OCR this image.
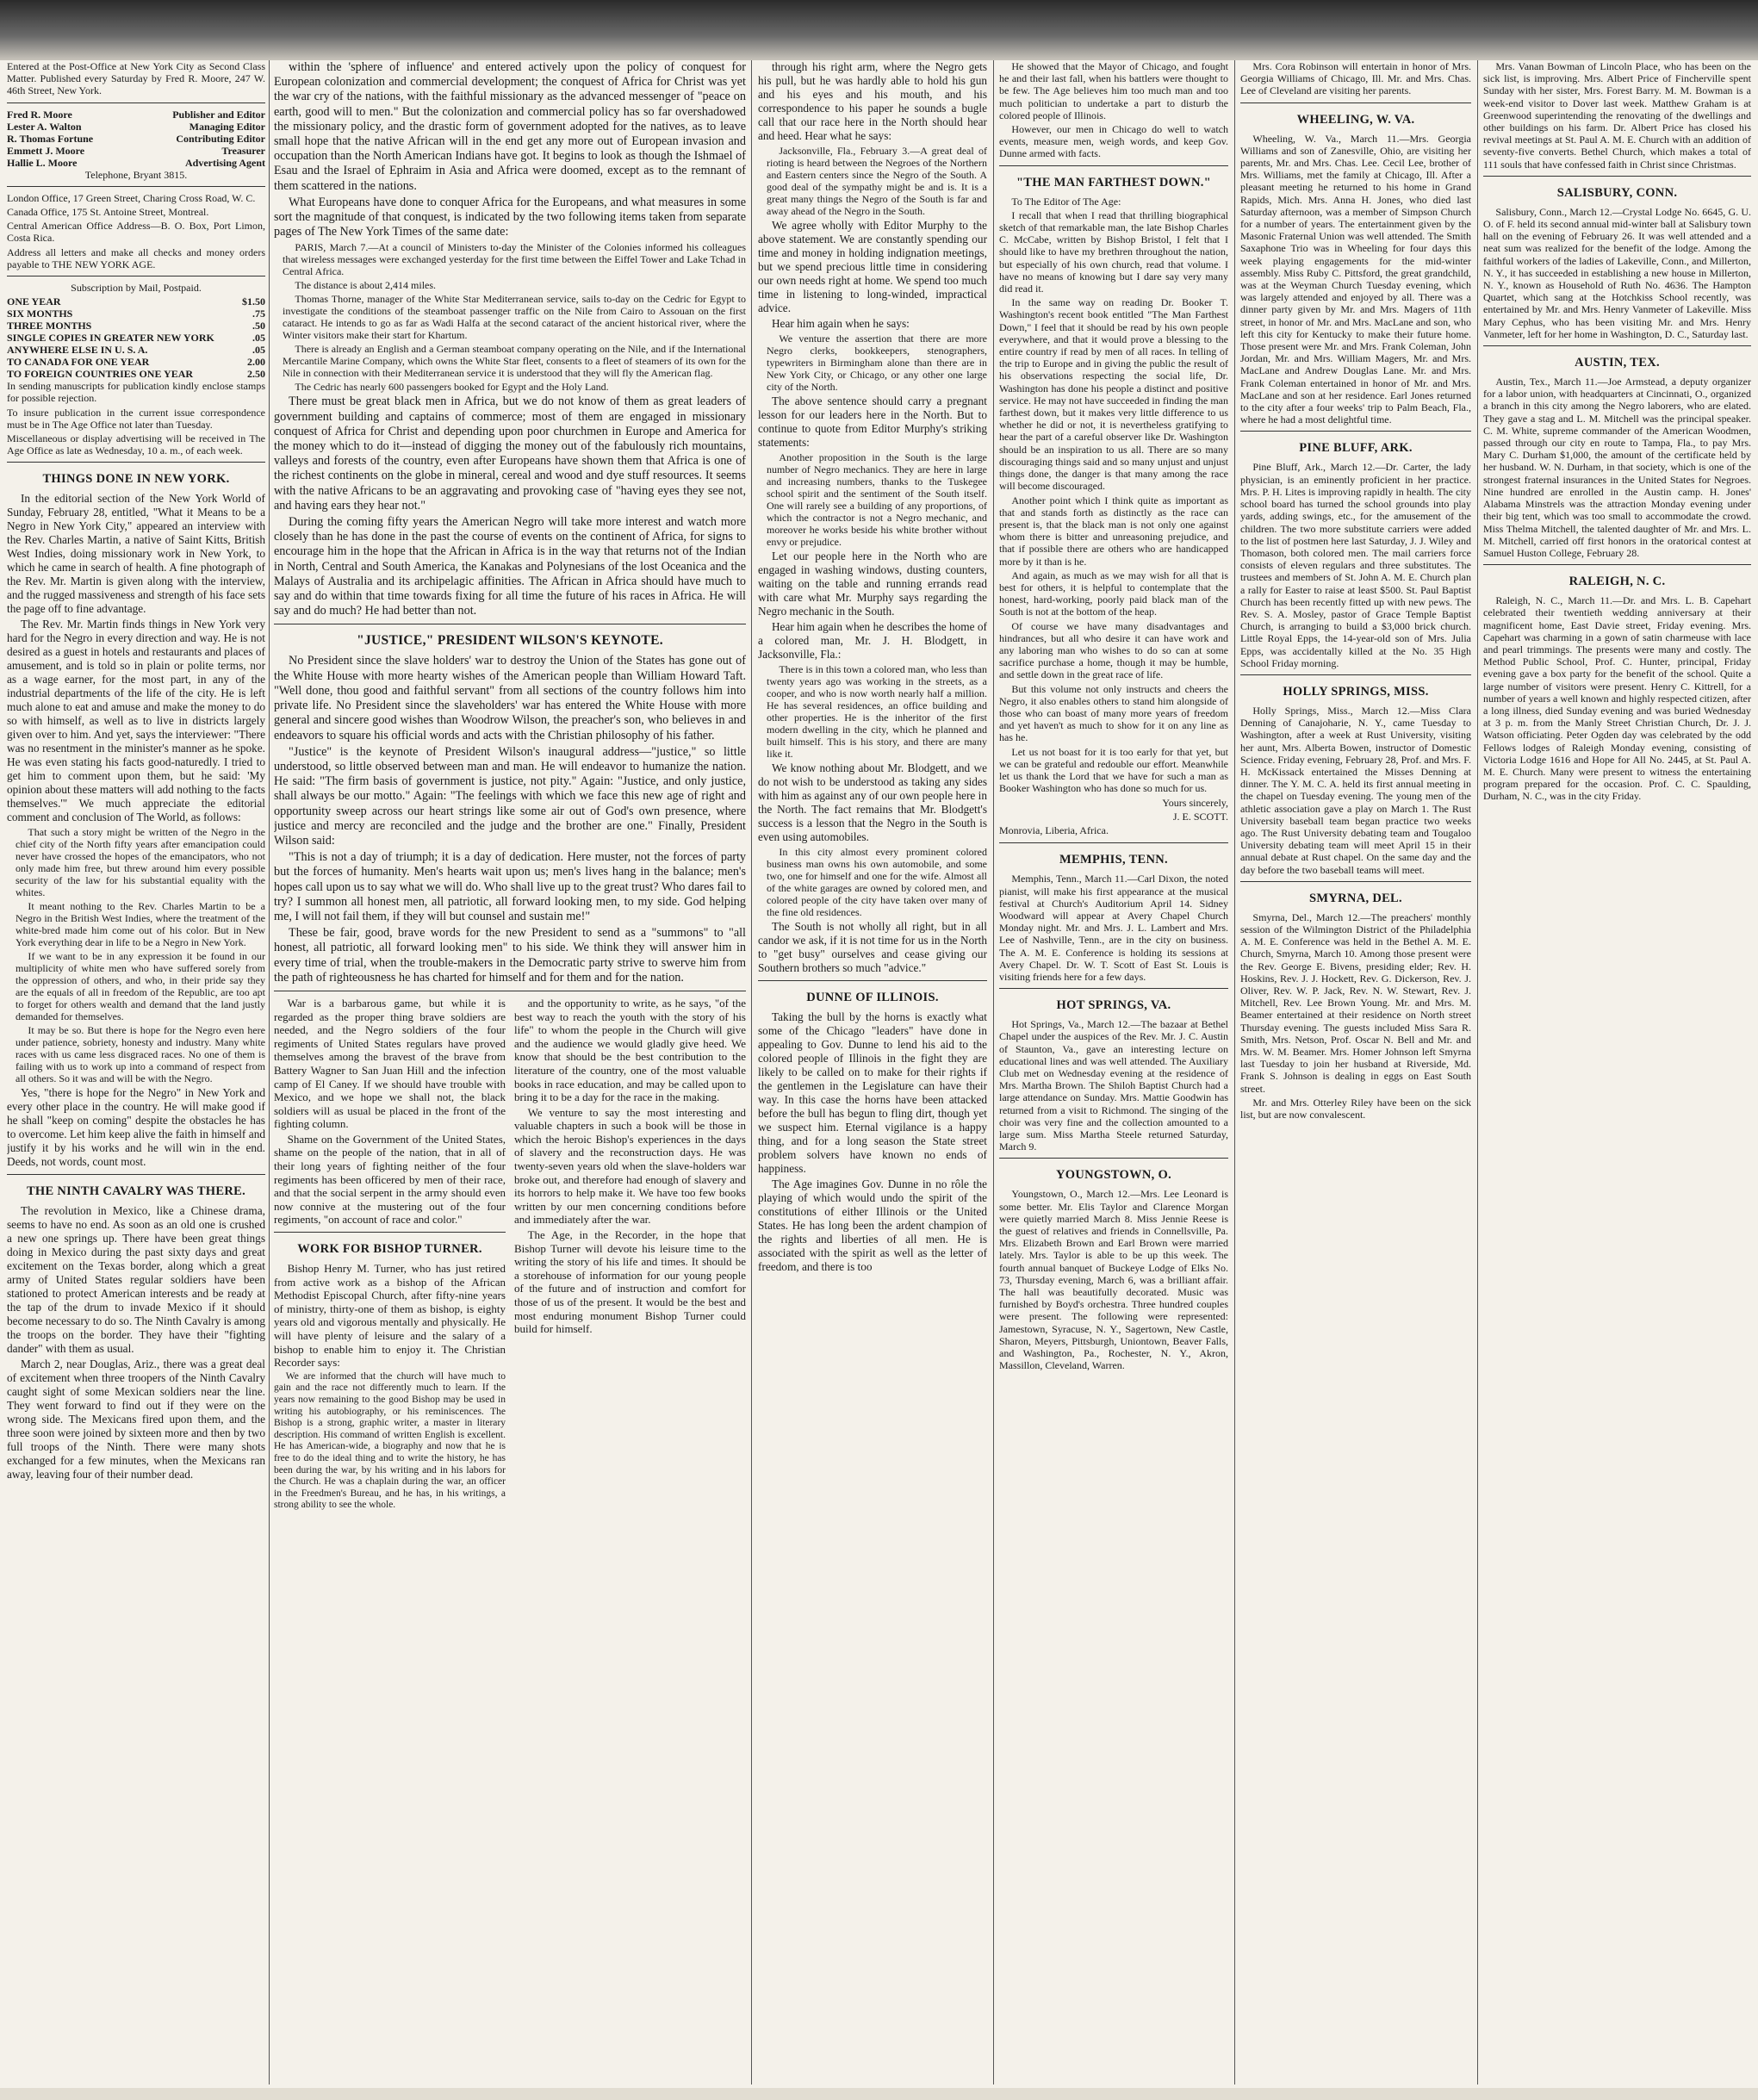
Entered at the Post-Office at New York City as Second Class Matter. Published every Saturday by Fred R. Moore, 247 W. 46th Street, New York.

Fred R. Moore	Publisher and Editor
Lester A. Walton	Managing Editor
R. Thomas Fortune	Contributing Editor
Emmett J. Moore	Treasurer
Hallie L. Moore	Advertising Agent

Telephone, Bryant 3815.

London Office, 17 Green Street, Charing Cross Road, W. C.

Canada Office, 175 St. Antoine Street, Montreal.

Central American Office Address—B. O. Box, Port Limon, Costa Rica.

Address all letters and make all checks and money orders payable to THE NEW YORK AGE.

Subscription by Mail, Postpaid.

ONE YEAR	$1.50
SIX MONTHS	.75
THREE MONTHS	.50
SINGLE COPIES IN GREATER NEW YORK	.05
ANYWHERE ELSE IN U. S. A.	.05
TO CANADA FOR ONE YEAR	2.00
TO FOREIGN COUNTRIES ONE YEAR	2.50

In sending manuscripts for publication kindly enclose stamps for possible rejection.

To insure publication in the current issue correspondence must be in The Age Office not later than Tuesday.

Miscellaneous or display advertising will be received in The Age Office as late as Wednesday, 10 a. m., of each week.

THINGS DONE IN NEW YORK.

In the editorial section of the New York World of Sunday, February 28, entitled, "What it Means to be a Negro in New York City," appeared an interview with the Rev. Charles Martin, a native of Saint Kitts, British West Indies, doing missionary work in New York, to which he came in search of health. A fine photograph of the Rev. Mr. Martin is given along with the interview, and the rugged massiveness and strength of his face sets the page off to fine advantage.

The Rev. Mr. Martin finds things in New York very hard for the Negro in every direction and way. He is not desired as a guest in hotels and restaurants and places of amusement, and is told so in plain or polite terms, nor as a wage earner, for the most part, in any of the industrial departments of the life of the city. He is left much alone to eat and amuse and make the money to do so with himself, as well as to live in districts largely given over to him. And yet, says the interviewer: "There was no resentment in the minister's manner as he spoke. He was even stating his facts good-naturedly. I tried to get him to comment upon them, but he said: 'My opinion about these matters will add nothing to the facts themselves.'" We much appreciate the editorial comment and conclusion of The World, as follows:

That such a story might be written of the Negro in the chief city of the North fifty years after emancipation could never have crossed the hopes of the emancipators, who not only made him free, but threw around him every possible security of the law for his substantial equality with the whites.

It meant nothing to the Rev. Charles Martin to be a Negro in the British West Indies, where the treatment of the white-bred made him come out of his color. But in New York everything dear in life to be a Negro in New York.

If we want to be in any expression it be found in our multiplicity of white men who have suffered sorely from the oppression of others, and who, in their pride say they are the equals of all in freedom of the Republic, are too apt to forget for others wealth and demand that the land justly demanded for themselves.

It may be so. But there is hope for the Negro even here under patience, sobriety, honesty and industry. Many white races with us came less disgraced races. No one of them is failing with us to work up into a command of respect from all others. So it was and will be with the Negro.

Yes, "there is hope for the Negro" in New York and every other place in the country. He will make good if he shall "keep on coming" despite the obstacles he has to overcome. Let him keep alive the faith in himself and justify it by his works and he will win in the end. Deeds, not words, count most.

THE NINTH CAVALRY WAS THERE.

The revolution in Mexico, like a Chinese drama, seems to have no end. As soon as an old one is crushed a new one springs up. There have been great things doing in Mexico during the past sixty days and great excitement on the Texas border, along which a great army of United States regular soldiers have been stationed to protect American interests and be ready at the tap of the drum to invade Mexico if it should become necessary to do so. The Ninth Cavalry is among the troops on the border. They have their "fighting dander" with them as usual.

March 2, near Douglas, Ariz., there was a great deal of excitement when three troopers of the Ninth Cavalry caught sight of some Mexican soldiers near the line. They went forward to find out if they were on the wrong side. The Mexicans fired upon them, and the three soon were joined by sixteen more and then by two full troops of the Ninth. There were many shots exchanged for a few minutes, when the Mexicans ran away, leaving four of their number dead.

within the 'sphere of influence' and entered actively upon the policy of conquest for European colonization and commercial development; the conquest of Africa for Christ was yet the war cry of the nations, with the faithful missionary as the advanced messenger of "peace on earth, good will to men." But the colonization and commercial policy has so far overshadowed the missionary policy, and the drastic form of government adopted for the natives, as to leave small hope that the native African will in the end get any more out of European invasion and occupation than the North American Indians have got. It begins to look as though the Ishmael of Esau and the Israel of Ephraim in Asia and Africa were doomed, except as to the remnant of them scattered in the nations.

What Europeans have done to conquer Africa for the Europeans, and what measures in some sort the magnitude of that conquest, is indicated by the two following items taken from separate pages of The New York Times of the same date:

PARIS, March 7.—At a council of Ministers to-day the Minister of the Colonies informed his colleagues that wireless messages were exchanged yesterday for the first time between the Eiffel Tower and Lake Tchad in Central Africa.

The distance is about 2,414 miles.

Thomas Thorne, manager of the White Star Mediterranean service, sails to-day on the Cedric for Egypt to investigate the conditions of the steamboat passenger traffic on the Nile from Cairo to Assouan on the first cataract. He intends to go as far as Wadi Halfa at the second cataract of the ancient historical river, where the Winter visitors make their start for Khartum.

There is already an English and a German steamboat company operating on the Nile, and if the International Mercantile Marine Company, which owns the White Star fleet, consents to a fleet of steamers of its own for the Nile in connection with their Mediterranean service it is understood that they will fly the American flag.

The Cedric has nearly 600 passengers booked for Egypt and the Holy Land.

There must be great black men in Africa, but we do not know of them as great leaders of government building and captains of commerce; most of them are engaged in missionary conquest of Africa for Christ and depending upon poor churchmen in Europe and America for the money which to do it—instead of digging the money out of the fabulously rich mountains, valleys and forests of the country, even after Europeans have shown them that Africa is one of the richest continents on the globe in mineral, cereal and wood and dye stuff resources. It seems with the native Africans to be an aggravating and provoking case of "having eyes they see not, and having ears they hear not."

During the coming fifty years the American Negro will take more interest and watch more closely than he has done in the past the course of events on the continent of Africa, for signs to encourage him in the hope that the African in Africa is in the way that returns not of the Indian in North, Central and South America, the Kanakas and Polynesians of the lost Oceanica and the Malays of Australia and its archipelagic affinities. The African in Africa should have much to say and do within that time towards fixing for all time the future of his races in Africa. He will say and do much? He had better than not.

"JUSTICE," PRESIDENT WILSON'S KEYNOTE.

No President since the slave holders' war to destroy the Union of the States has gone out of the White House with more hearty wishes of the American people than William Howard Taft. "Well done, thou good and faithful servant" from all sections of the country follows him into private life. No President since the slaveholders' war has entered the White House with more general and sincere good wishes than Woodrow Wilson, the preacher's son, who believes in and endeavors to square his official words and acts with the Christian philosophy of his father.

"Justice" is the keynote of President Wilson's inaugural address—"justice," so little understood, so little observed between man and man. He will endeavor to humanize the nation. He said: "The firm basis of government is justice, not pity." Again: "Justice, and only justice, shall always be our motto." Again: "The feelings with which we face this new age of right and opportunity sweep across our heart strings like some air out of God's own presence, where justice and mercy are reconciled and the judge and the brother are one." Finally, President Wilson said:

"This is not a day of triumph; it is a day of dedication. Here muster, not the forces of party but the forces of humanity. Men's hearts wait upon us; men's lives hang in the balance; men's hopes call upon us to say what we will do. Who shall live up to the great trust? Who dares fail to try? I summon all honest men, all patriotic, all forward looking men, to my side. God helping me, I will not fail them, if they will but counsel and sustain me!"

These be fair, good, brave words for the new President to send as a "summons" to "all honest, all patriotic, all forward looking men" to his side. We think they will answer him in every time of trial, when the trouble-makers in the Democratic party strive to swerve him from the path of righteousness he has charted for himself and for them and for the nation.

War is a barbarous game, but while it is regarded as the proper thing brave soldiers are needed, and the Negro soldiers of the four regiments of United States regulars have proved themselves among the bravest of the brave from Battery Wagner to San Juan Hill and the infection camp of El Caney. If we should have trouble with Mexico, and we hope we shall not, the black soldiers will as usual be placed in the front of the fighting column.

Shame on the Government of the United States, shame on the people of the nation, that in all of their long years of fighting neither of the four regiments has been officered by men of their race, and that the social serpent in the army should even now connive at the mustering out of the four regiments, "on account of race and color."

WORK FOR BISHOP TURNER.

Bishop Henry M. Turner, who has just retired from active work as a bishop of the African Methodist Episcopal Church, after fifty-nine years of ministry, thirty-one of them as bishop, is eighty years old and vigorous mentally and physically. He will have plenty of leisure and the salary of a bishop to enable him to enjoy it. The Christian Recorder says:

We are informed that the church will have much to gain and the race not differently much to learn. If the years now remaining to the good Bishop may be used in writing his autobiography, or his reminiscences. The Bishop is a strong, graphic writer, a master in literary description. His command of written English is excellent. He has American-wide, a biography and now that he is free to do the ideal thing and to write the history, he has been during the war, by his writing and in his labors for the Church. He was a chaplain during the war, an officer in the Freedmen's Bureau, and he has, in his writings, a strong ability to see the whole.

and the opportunity to write, as he says, "of the best way to reach the youth with the story of his life" to whom the people in the Church will give and the audience we would gladly give heed. We know that should be the best contribution to the literature of the country, one of the most valuable books in race education, and may be called upon to bring it to be a day for the race in the making.

We venture to say the most interesting and valuable chapters in such a book will be those in which the heroic Bishop's experiences in the days of slavery and the reconstruction days. He was twenty-seven years old when the slave-holders war broke out, and therefore had enough of slavery and its horrors to help make it. We have too few books written by our men concerning conditions before and immediately after the war.

The Age, in the Recorder, in the hope that Bishop Turner will devote his leisure time to the writing the story of his life and times. It should be a storehouse of information for our young people of the future and of instruction and comfort for those of us of the present. It would be the best and most enduring monument Bishop Turner could build for himself.

through his right arm, where the Negro gets his pull, but he was hardly able to hold his gun and his eyes and his mouth, and his correspondence to his paper he sounds a bugle call that our race here in the North should hear and heed. Hear what he says:

Jacksonville, Fla., February 3.—A great deal of rioting is heard between the Negroes of the Northern and Eastern centers since the Negro of the South. A good deal of the sympathy might be and is. It is a great many things the Negro of the South is far and away ahead of the Negro in the South.

We agree wholly with Editor Murphy to the above statement. We are constantly spending our time and money in holding indignation meetings, but we spend precious little time in considering our own needs right at home. We spend too much time in listening to long-winded, impractical advice.

Hear him again when he says:

We venture the assertion that there are more Negro clerks, bookkeepers, stenographers, typewriters in Birmingham alone than there are in New York City, or Chicago, or any other one large city of the North.

The above sentence should carry a pregnant lesson for our leaders here in the North. But to continue to quote from Editor Murphy's striking statements:

Another proposition in the South is the large number of Negro mechanics. They are here in large and increasing numbers, thanks to the Tuskegee school spirit and the sentiment of the South itself. One will rarely see a building of any proportions, of which the contractor is not a Negro mechanic, and moreover he works beside his white brother without envy or prejudice.

Let our people here in the North who are engaged in washing windows, dusting counters, waiting on the table and running errands read with care what Mr. Murphy says regarding the Negro mechanic in the South.

Hear him again when he describes the home of a colored man, Mr. J. H. Blodgett, in Jacksonville, Fla.:

There is in this town a colored man, who less than twenty years ago was working in the streets, as a cooper, and who is now worth nearly half a million. He has several residences, an office building and other properties. He is the inheritor of the first modern dwelling in the city, which he planned and built himself. This is his story, and there are many like it.

We know nothing about Mr. Blodgett, and we do not wish to be understood as taking any sides with him as against any of our own people here in the North. The fact remains that Mr. Blodgett's success is a lesson that the Negro in the South is even using automobiles.

In this city almost every prominent colored business man owns his own automobile, and some two, one for himself and one for the wife. Almost all of the white garages are owned by colored men, and colored people of the city have taken over many of the fine old residences.

The South is not wholly all right, but in all candor we ask, if it is not time for us in the North to "get busy" ourselves and cease giving our Southern brothers so much "advice."

DUNNE OF ILLINOIS.

Taking the bull by the horns is exactly what some of the Chicago "leaders" have done in appealing to Gov. Dunne to lend his aid to the colored people of Illinois in the fight they are likely to be called on to make for their rights if the gentlemen in the Legislature can have their way. In this case the horns have been attacked before the bull has begun to fling dirt, though yet we suspect him. Eternal vigilance is a happy thing, and for a long season the State street problem solvers have known no ends of happiness.

The Age imagines Gov. Dunne in no rôle the playing of which would undo the spirit of the constitutions of either Illinois or the United States. He has long been the ardent champion of the rights and liberties of all men. He is associated with the spirit as well as the letter of freedom, and there is too

He showed that the Mayor of Chicago, and fought he and their last fall, when his battlers were thought to be few. The Age believes him too much man and too much politician to undertake a part to disturb the colored people of Illinois.

However, our men in Chicago do well to watch events, measure men, weigh words, and keep Gov. Dunne armed with facts.

"THE MAN FARTHEST DOWN."

To The Editor of The Age:

I recall that when I read that thrilling biographical sketch of that remarkable man, the late Bishop Charles C. McCabe, written by Bishop Bristol, I felt that I should like to have my brethren throughout the nation, but especially of his own church, read that volume. I have no means of knowing but I dare say very many did read it.

In the same way on reading Dr. Booker T. Washington's recent book entitled "The Man Farthest Down," I feel that it should be read by his own people everywhere, and that it would prove a blessing to the entire country if read by men of all races. In telling of the trip to Europe and in giving the public the result of his observations respecting the social life, Dr. Washington has done his people a distinct and positive service. He may not have succeeded in finding the man farthest down, but it makes very little difference to us whether he did or not, it is nevertheless gratifying to hear the part of a careful observer like Dr. Washington should be an inspiration to us all. There are so many discouraging things said and so many unjust and unjust things done, the danger is that many among the race will become discouraged.

Another point which I think quite as important as that and stands forth as distinctly as the race can present is, that the black man is not only one against whom there is bitter and unreasoning prejudice, and that if possible there are others who are handicapped more by it than is he.

And again, as much as we may wish for all that is best for others, it is helpful to contemplate that the honest, hard-working, poorly paid black man of the South is not at the bottom of the heap.

Of course we have many disadvantages and hindrances, but all who desire it can have work and any laboring man who wishes to do so can at some sacrifice purchase a home, though it may be humble, and settle down in the great race of life.

But this volume not only instructs and cheers the Negro, it also enables others to stand him alongside of those who can boast of many more years of freedom and yet haven't as much to show for it on any line as has he.

Let us not boast for it is too early for that yet, but we can be grateful and redouble our effort. Meanwhile let us thank the Lord that we have for such a man as Booker Washington who has done so much for us.

Yours sincerely,
J. E. SCOTT.
Monrovia, Liberia, Africa.
MEMPHIS, TENN.

Memphis, Tenn., March 11.—Carl Dixon, the noted pianist, will make his first appearance at the musical festival at Church's Auditorium April 14. Sidney Woodward will appear at Avery Chapel Church Monday night. Mr. and Mrs. J. L. Lambert and Mrs. Lee of Nashville, Tenn., are in the city on business. The A. M. E. Conference is holding its sessions at Avery Chapel. Dr. W. T. Scott of East St. Louis is visiting friends here for a few days.

HOT SPRINGS, VA.

Hot Springs, Va., March 12.—The bazaar at Bethel Chapel under the auspices of the Rev. Mr. J. C. Austin of Staunton, Va., gave an interesting lecture on educational lines and was well attended. The Auxiliary Club met on Wednesday evening at the residence of Mrs. Martha Brown. The Shiloh Baptist Church had a large attendance on Sunday. Mrs. Mattie Goodwin has returned from a visit to Richmond. The singing of the choir was very fine and the collection amounted to a large sum. Miss Martha Steele returned Saturday, March 9.

YOUNGSTOWN, O.

Youngstown, O., March 12.—Mrs. Lee Leonard is some better. Mr. Elis Taylor and Clarence Morgan were quietly married March 8. Miss Jennie Reese is the guest of relatives and friends in Connellsville, Pa. Mrs. Elizabeth Brown and Earl Brown were married lately. Mrs. Taylor is able to be up this week. The fourth annual banquet of Buckeye Lodge of Elks No. 73, Thursday evening, March 6, was a brilliant affair. The hall was beautifully decorated. Music was furnished by Boyd's orchestra. Three hundred couples were present. The following were represented: Jamestown, Syracuse, N. Y., Sagertown, New Castle, Sharon, Meyers, Pittsburgh, Uniontown, Beaver Falls, and Washington, Pa., Rochester, N. Y., Akron, Massillon, Cleveland, Warren.

Mrs. Cora Robinson will entertain in honor of Mrs. Georgia Williams of Chicago, Ill. Mr. and Mrs. Chas. Lee of Cleveland are visiting her parents.

WHEELING, W. VA.

Wheeling, W. Va., March 11.—Mrs. Georgia Williams and son of Zanesville, Ohio, are visiting her parents, Mr. and Mrs. Chas. Lee. Cecil Lee, brother of Mrs. Williams, met the family at Chicago, Ill. After a pleasant meeting he returned to his home in Grand Rapids, Mich. Mrs. Anna H. Jones, who died last Saturday afternoon, was a member of Simpson Church for a number of years. The entertainment given by the Masonic Fraternal Union was well attended. The Smith Saxaphone Trio was in Wheeling for four days this week playing engagements for the mid-winter assembly. Miss Ruby C. Pittsford, the great grandchild, was at the Weyman Church Tuesday evening, which was largely attended and enjoyed by all. There was a dinner party given by Mr. and Mrs. Magers of 11th street, in honor of Mr. and Mrs. MacLane and son, who left this city for Kentucky to make their future home. Those present were Mr. and Mrs. Frank Coleman, John Jordan, Mr. and Mrs. William Magers, Mr. and Mrs. MacLane and Andrew Douglas Lane. Mr. and Mrs. Frank Coleman entertained in honor of Mr. and Mrs. MacLane and son at her residence. Earl Jones returned to the city after a four weeks' trip to Palm Beach, Fla., where he had a most delightful time.

PINE BLUFF, ARK.

Pine Bluff, Ark., March 12.—Dr. Carter, the lady physician, is an eminently proficient in her practice. Mrs. P. H. Lites is improving rapidly in health. The city school board has turned the school grounds into play yards, adding swings, etc., for the amusement of the children. The two more substitute carriers were added to the list of postmen here last Saturday, J. J. Wiley and Thomason, both colored men. The mail carriers force consists of eleven regulars and three substitutes. The trustees and members of St. John A. M. E. Church plan a rally for Easter to raise at least $500. St. Paul Baptist Church has been recently fitted up with new pews. The Rev. S. A. Mosley, pastor of Grace Temple Baptist Church, is arranging to build a $3,000 brick church. Little Royal Epps, the 14-year-old son of Mrs. Julia Epps, was accidentally killed at the No. 35 High School Friday morning.

HOLLY SPRINGS, MISS.

Holly Springs, Miss., March 12.—Miss Clara Denning of Canajoharie, N. Y., came Tuesday to Washington, after a week at Rust University, visiting her aunt, Mrs. Alberta Bowen, instructor of Domestic Science. Friday evening, February 28, Prof. and Mrs. F. H. McKissack entertained the Misses Denning at dinner. The Y. M. C. A. held its first annual meeting in the chapel on Tuesday evening. The young men of the athletic association gave a play on March 1. The Rust University baseball team began practice two weeks ago. The Rust University debating team and Tougaloo University debating team will meet April 15 in their annual debate at Rust chapel. On the same day and the day before the two baseball teams will meet.

SMYRNA, DEL.

Smyrna, Del., March 12.—The preachers' monthly session of the Wilmington District of the Philadelphia A. M. E. Conference was held in the Bethel A. M. E. Church, Smyrna, March 10. Among those present were the Rev. George E. Bivens, presiding elder; Rev. H. Hoskins, Rev. J. J. Hockett, Rev. G. Dickerson, Rev. J. Oliver, Rev. W. P. Jack, Rev. N. W. Stewart, Rev. J. Mitchell, Rev. Lee Brown Young. Mr. and Mrs. M. Beamer entertained at their residence on North street Thursday evening. The guests included Miss Sara R. Smith, Mrs. Netson, Prof. Oscar N. Bell and Mr. and Mrs. W. M. Beamer. Mrs. Homer Johnson left Smyrna last Tuesday to join her husband at Riverside, Md. Frank S. Johnson is dealing in eggs on East South street.

Mr. and Mrs. Otterley Riley have been on the sick list, but are now convalescent.

Mrs. Vanan Bowman of Lincoln Place, who has been on the sick list, is improving. Mrs. Albert Price of Fincherville spent Sunday with her sister, Mrs. Forest Barry. M. M. Bowman is a week-end visitor to Dover last week. Matthew Graham is at Greenwood superintending the renovating of the dwellings and other buildings on his farm. Dr. Albert Price has closed his revival meetings at St. Paul A. M. E. Church with an addition of seventy-five converts. Bethel Church, which makes a total of 111 souls that have confessed faith in Christ since Christmas.

SALISBURY, CONN.

Salisbury, Conn., March 12.—Crystal Lodge No. 6645, G. U. O. of F. held its second annual mid-winter ball at Salisbury town hall on the evening of February 26. It was well attended and a neat sum was realized for the benefit of the lodge. Among the faithful workers of the ladies of Lakeville, Conn., and Millerton, N. Y., it has succeeded in establishing a new house in Millerton, N. Y., known as Household of Ruth No. 4636. The Hampton Quartet, which sang at the Hotchkiss School recently, was entertained by Mr. and Mrs. Henry Vanmeter of Lakeville. Miss Mary Cephus, who has been visiting Mr. and Mrs. Henry Vanmeter, left for her home in Washington, D. C., Saturday last.

AUSTIN, TEX.

Austin, Tex., March 11.—Joe Armstead, a deputy organizer for a labor union, with headquarters at Cincinnati, O., organized a branch in this city among the Negro laborers, who are elated. They gave a stag and L. M. Mitchell was the principal speaker. C. M. White, supreme commander of the American Woodmen, passed through our city en route to Tampa, Fla., to pay Mrs. Mary C. Durham $1,000, the amount of the certificate held by her husband. W. N. Durham, in that society, which is one of the strongest fraternal insurances in the United States for Negroes. Nine hundred are enrolled in the Austin camp. H. Jones' Alabama Minstrels was the attraction Monday evening under their big tent, which was too small to accommodate the crowd. Miss Thelma Mitchell, the talented daughter of Mr. and Mrs. L. M. Mitchell, carried off first honors in the oratorical contest at Samuel Huston College, February 28.

RALEIGH, N. C.

Raleigh, N. C., March 11.—Dr. and Mrs. L. B. Capehart celebrated their twentieth wedding anniversary at their magnificent home, East Davie street, Friday evening. Mrs. Capehart was charming in a gown of satin charmeuse with lace and pearl trimmings. The presents were many and costly. The Method Public School, Prof. C. Hunter, principal, Friday evening gave a box party for the benefit of the school. Quite a large number of visitors were present. Henry C. Kittrell, for a number of years a well known and highly respected citizen, after a long illness, died Sunday evening and was buried Wednesday at 3 p. m. from the Manly Street Christian Church, Dr. J. J. Watson officiating. Peter Ogden day was celebrated by the odd Fellows lodges of Raleigh Monday evening, consisting of Victoria Lodge 1616 and Hope for All No. 2445, at St. Paul A. M. E. Church. Many were present to witness the entertaining program prepared for the occasion. Prof. C. C. Spaulding, Durham, N. C., was in the city Friday.
